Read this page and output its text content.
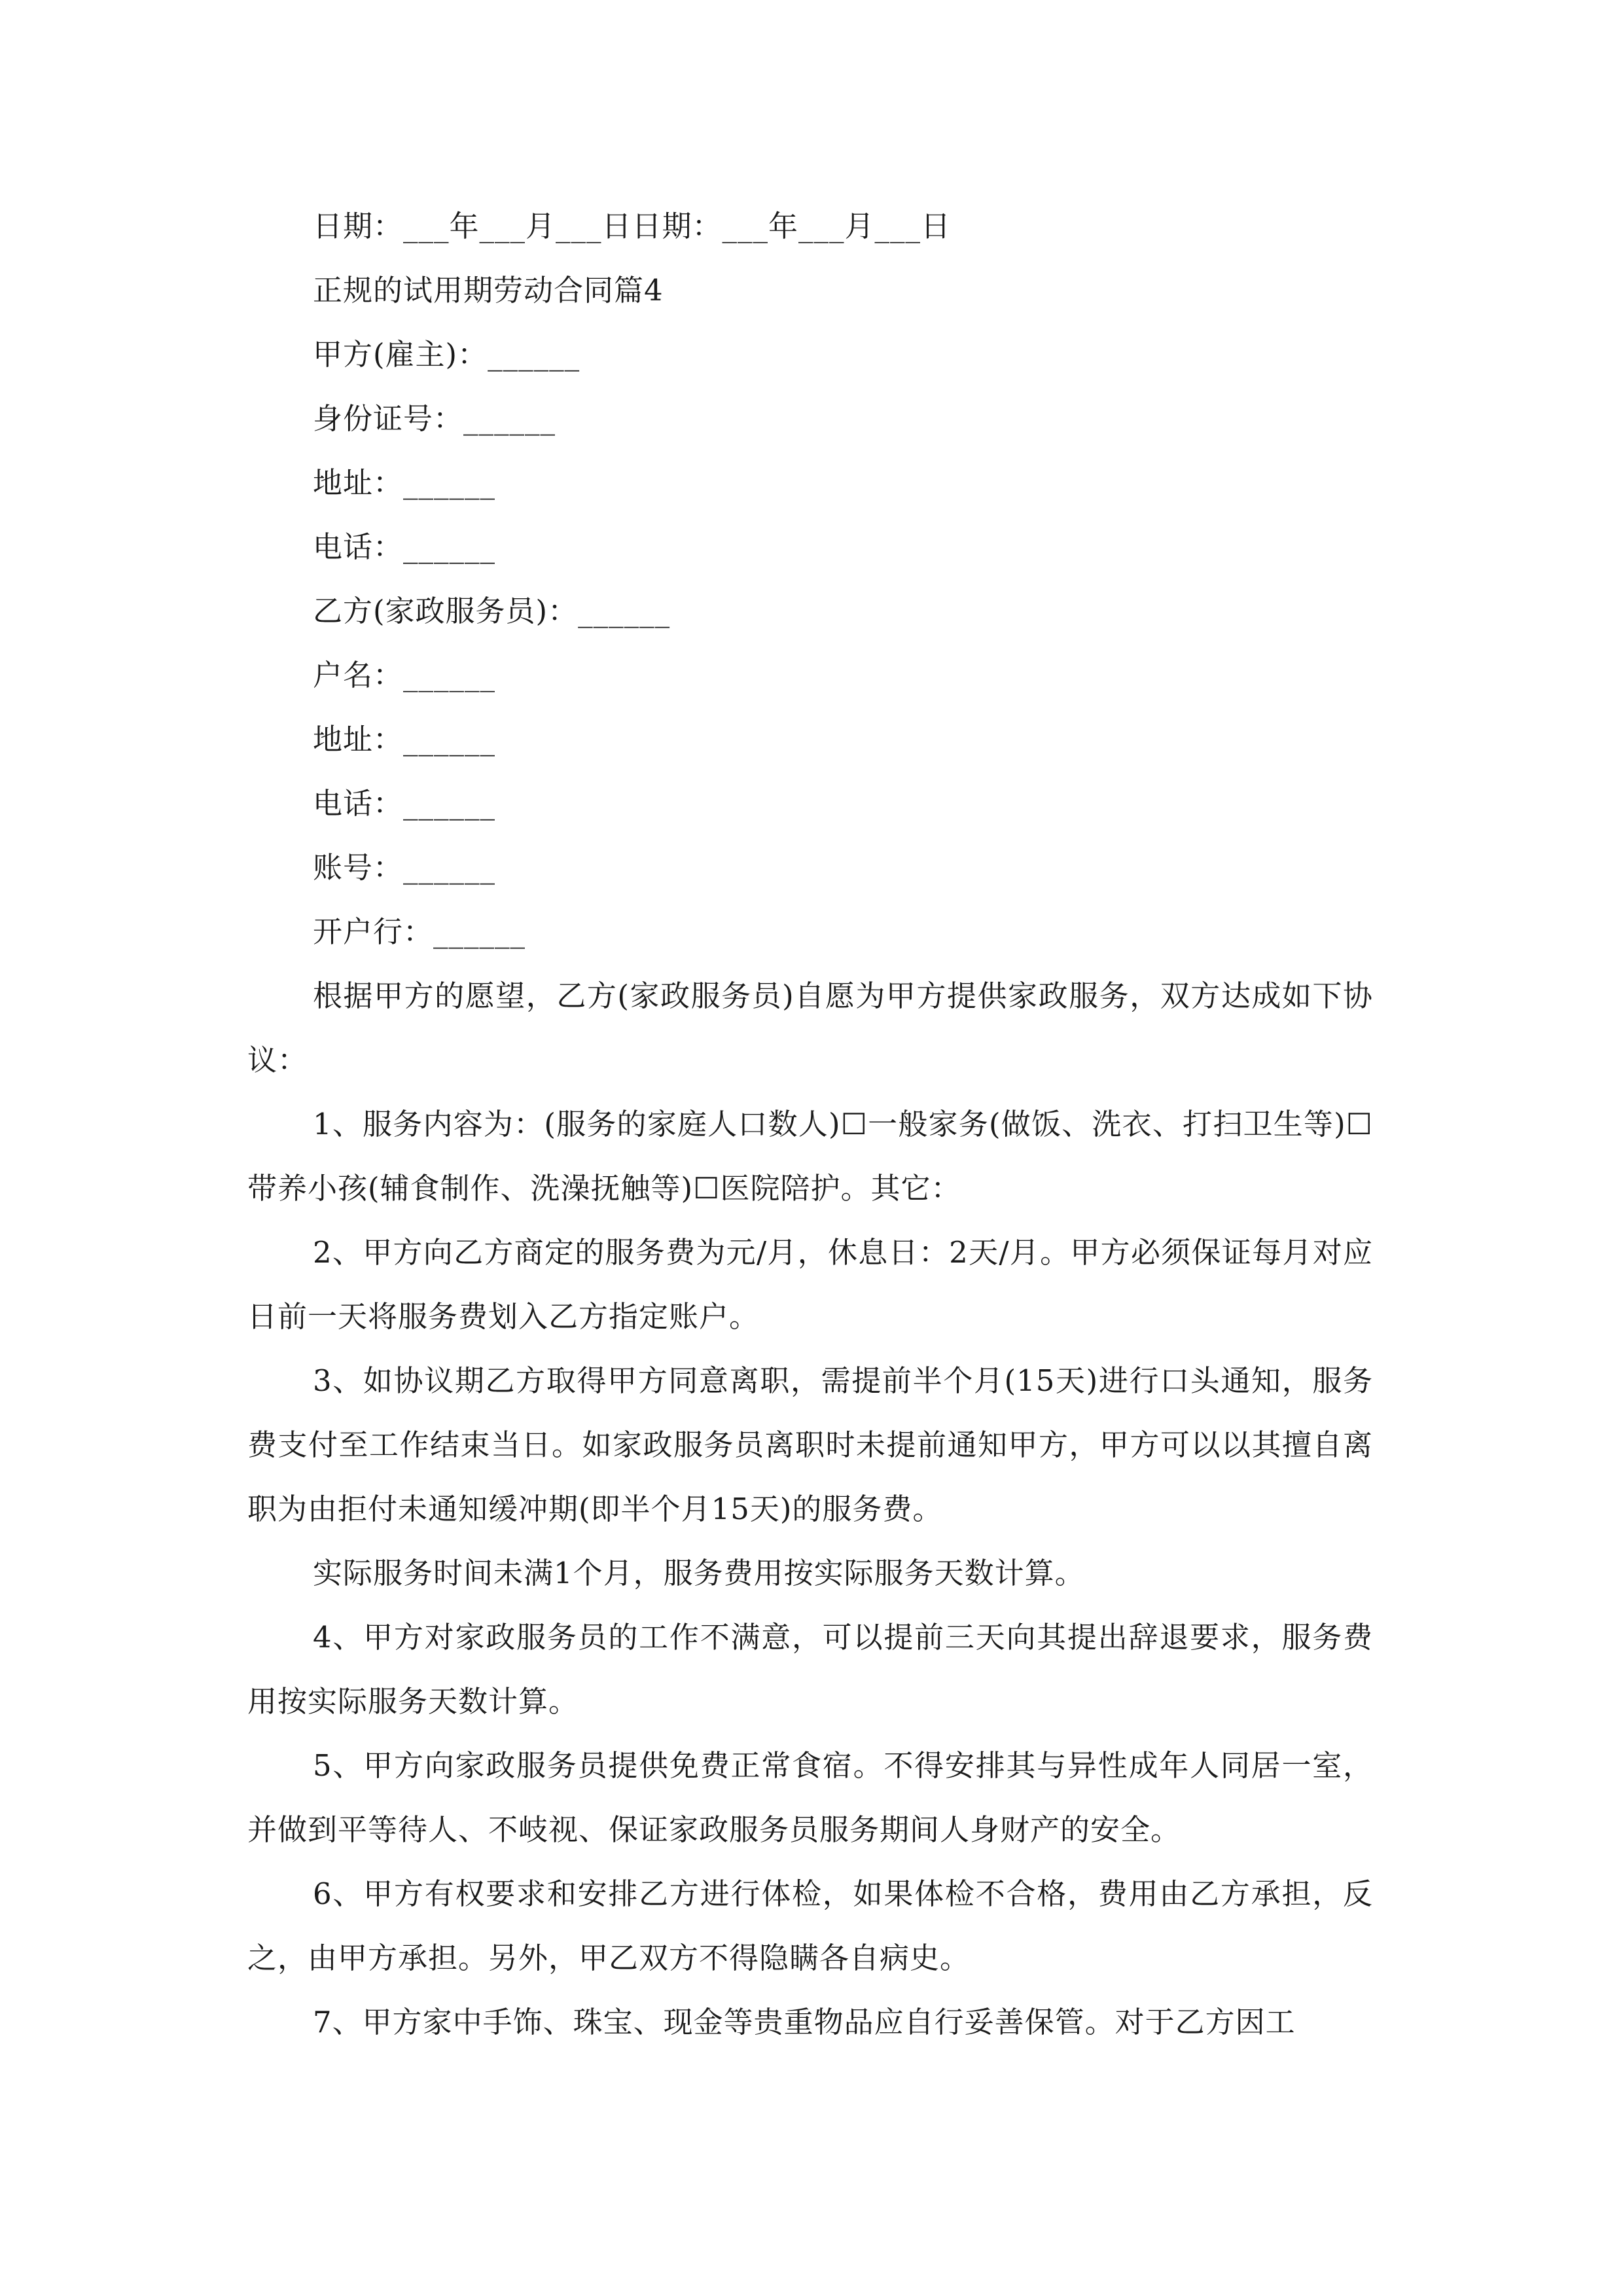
日期：___年___月___日日期：___年___月___日
正规的试用期劳动合同篇4
甲方(雇主)：______
身份证号：______
地址：______
电话：______
乙方(家政服务员)：______
户名：______
地址：______
电话：______
账号：______
开户行：______
根据甲方的愿望，乙方(家政服务员)自愿为甲方提供家政服务，双方达成如下协议：
1、服务内容为：(服务的家庭人口数人)☐一般家务(做饭、洗衣、打扫卫生等)☐带养小孩(辅食制作、洗澡抚触等)☐医院陪护。其它：
2、甲方向乙方商定的服务费为元/月，休息日：2天/月。甲方必须保证每月对应日前一天将服务费划入乙方指定账户。
3、如协议期乙方取得甲方同意离职，需提前半个月(15天)进行口头通知，服务费支付至工作结束当日。如家政服务员离职时未提前通知甲方，甲方可以以其擅自离职为由拒付未通知缓冲期(即半个月15天)的服务费。
实际服务时间未满1个月，服务费用按实际服务天数计算。
4、甲方对家政服务员的工作不满意，可以提前三天向其提出辞退要求，服务费用按实际服务天数计算。
5、甲方向家政服务员提供免费正常食宿。不得安排其与异性成年人同居一室，并做到平等待人、不岐视、保证家政服务员服务期间人身财产的安全。
6、甲方有权要求和安排乙方进行体检，如果体检不合格，费用由乙方承担，反之，由甲方承担。另外，甲乙双方不得隐瞒各自病史。
7、甲方家中手饰、珠宝、现金等贵重物品应自行妥善保管。对于乙方因工
